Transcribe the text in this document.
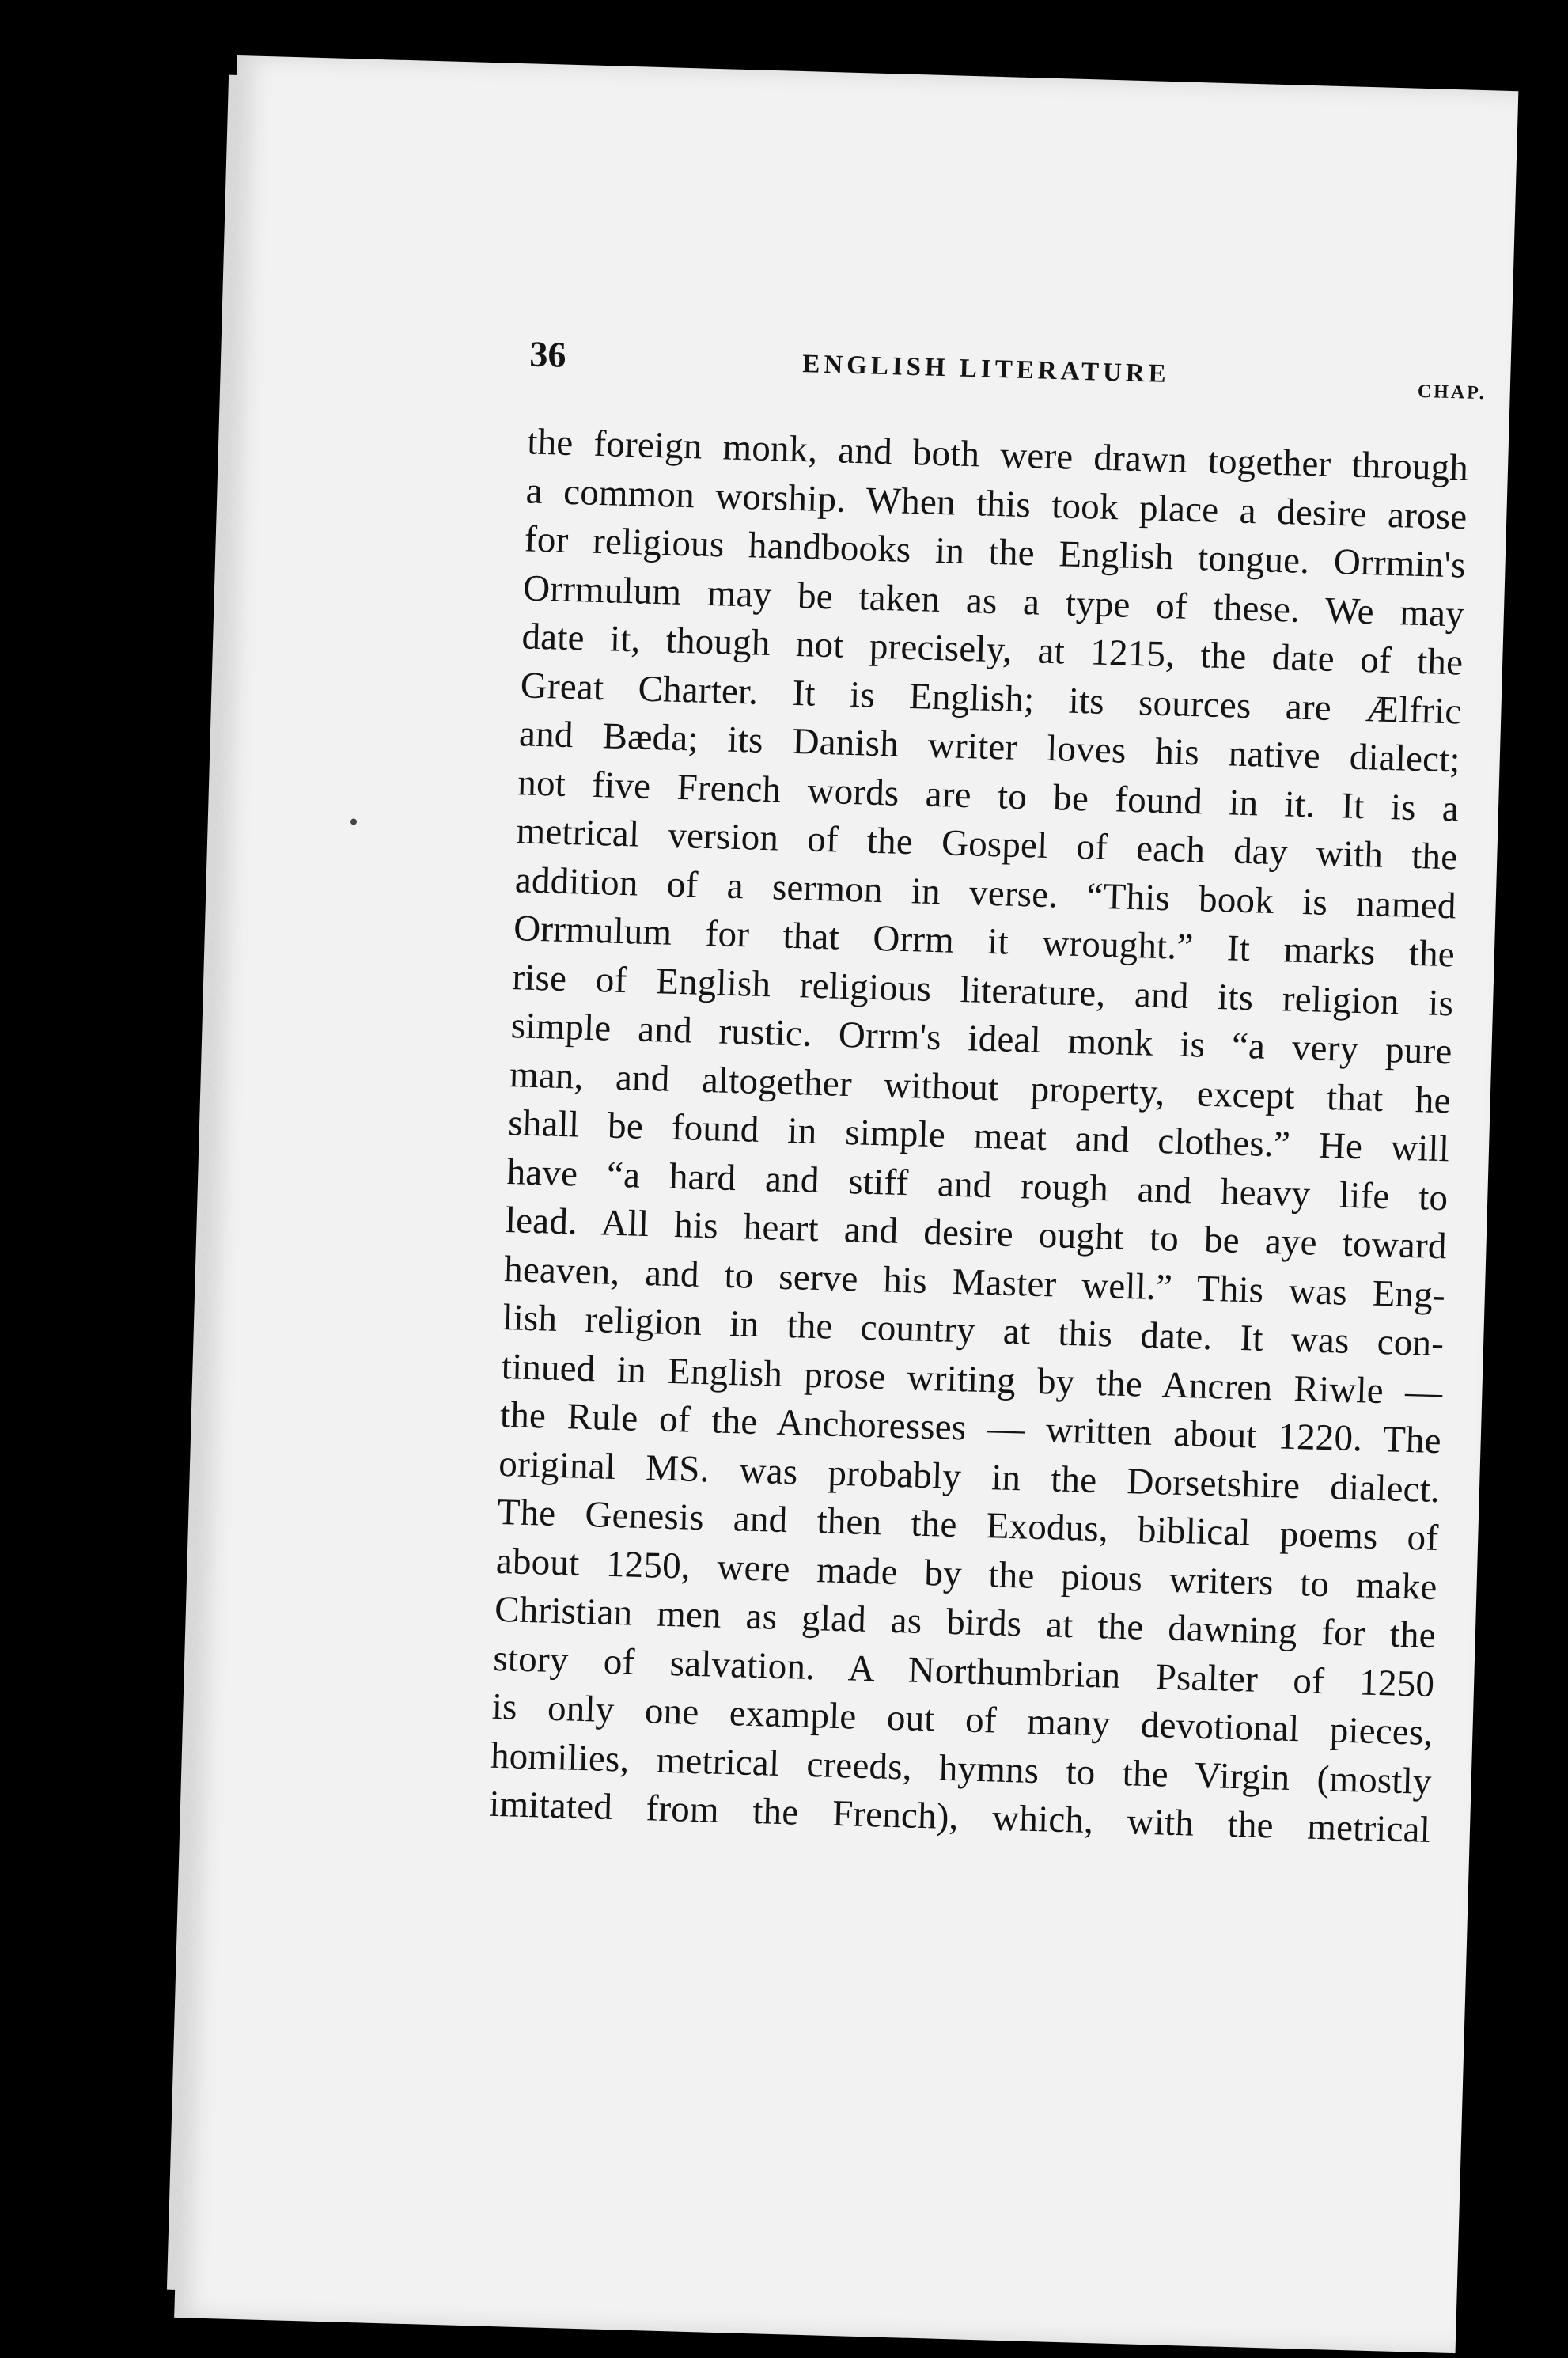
36	ENGLISH LITERATURE
CHAP.
the foreign monk, and both were drawn together through
a common worship. When this took place a desire arose
for religious handbooks in the English tongue. Orrmin's
Orrmulum may be taken as a type of these. We may
date it, though not precisely, at 1215, the date of the
Great Charter. It is English; its sources are Ælfric
and Bæda; its Danish writer loves his native dialect;
not five French words are to be found in it. It is a
metrical version of the Gospel of each day with the
addition of a sermon in verse. “This book is named
Orrmulum for that Orrm it wrought.” It marks the
rise of English religious literature, and its religion is
simple and rustic. Orrm's ideal monk is “a very pure
man, and altogether without property, except that he
shall be found in simple meat and clothes.” He will
have “a hard and stiff and rough and heavy life to
lead. All his heart and desire ought to be aye toward
heaven, and to serve his Master well.” This was Eng-
lish religion in the country at this date. It was con-
tinued in English prose writing by the Ancren Riwle —
the Rule of the Anchoresses — written about 1220. The
original MS. was probably in the Dorsetshire dialect.
The Genesis and then the Exodus, biblical poems of
about 1250, were made by the pious writers to make
Christian men as glad as birds at the dawning for the
story of salvation. A Northumbrian Psalter of 1250
is only one example out of many devotional pieces,
homilies, metrical creeds, hymns to the Virgin (mostly
imitated from the French), which, with the metrical
